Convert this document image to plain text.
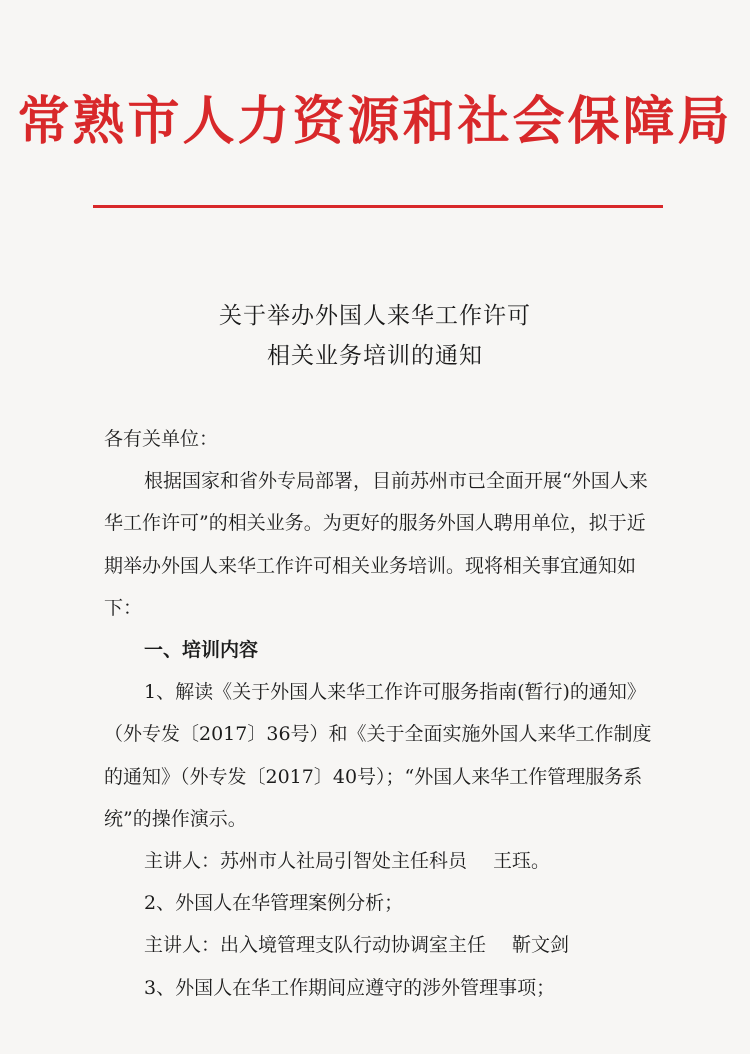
常熟市人力资源和社会保障局
关于举办外国人来华工作许可
相关业务培训的通知

各有关单位：

根据国家和省外专局部署，目前苏州市已全面开展“外国人来华工作许可”的相关业务。为更好的服务外国人聘用单位，拟于近期举办外国人来华工作许可相关业务培训。现将相关事宜通知如下：

一、培训内容

1、解读《关于外国人来华工作许可服务指南(暂行)的通知》（外专发〔2017〕36号）和《关于全面实施外国人来华工作制度的通知》（外专发〔2017〕40号）；“外国人来华工作管理服务系统”的操作演示。

主讲人：苏州市人社局引智处主任科员 王珏。

2、外国人在华管理案例分析；

主讲人：出入境管理支队行动协调室主任 靳文剑

3、外国人在华工作期间应遵守的涉外管理事项；
